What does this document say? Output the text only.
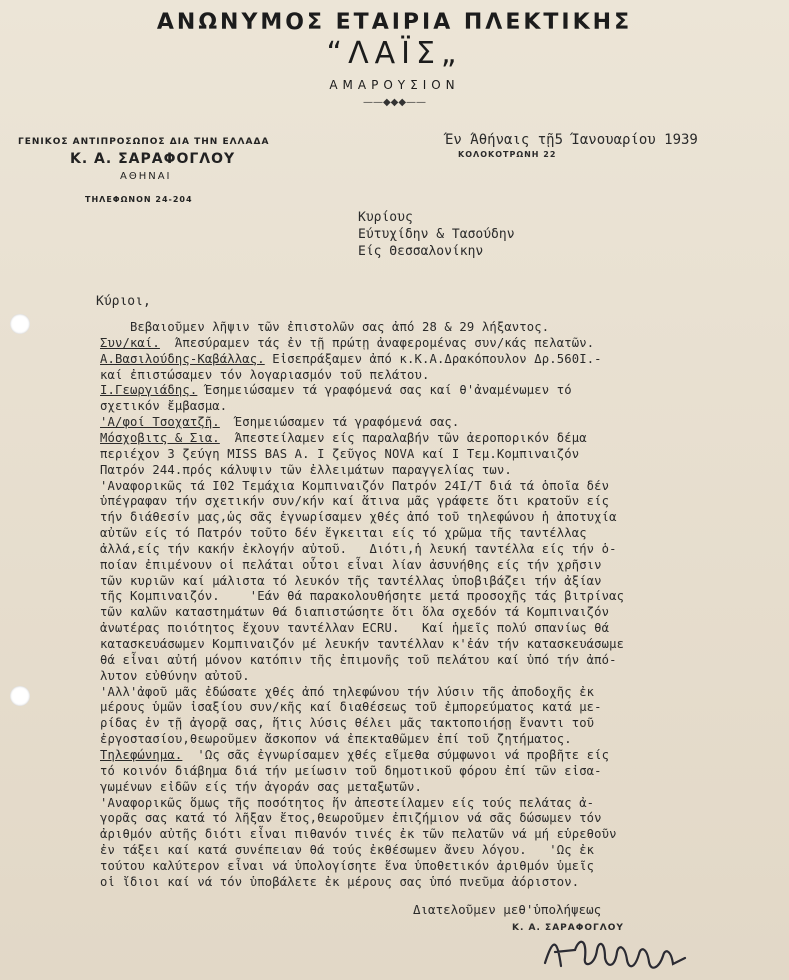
ΑΝΩΝΥΜΟΣ ΕΤΑΙΡΙΑ ΠΛΕΚΤΙΚΗΣ
“ΛΑΪΣ„
ΑΜΑΡΟΥΣΙΟΝ
——◆◆◆——
ΓΕΝΙΚΟΣ ΑΝΤΙΠΡΟΣΩΠΟΣ ΔΙΑ ΤΗΝ ΕΛΛΑΔΑ
Κ. Α. ΣΑΡΑΦΟΓΛΟΥ
ΑΘΗΝΑΙ
ΤΗΛΕΦΩΝΟΝ 24-204
Έν Άθήναις τῇ5 Ίανουαρίου 1939
ΚΟΛΟΚΟΤΡΩΝΗ 22
Κυρίους
Εύτυχίδην & Τασούδην
Είς Θεσσαλονίκην
Κύριοι,
Βεβαιοῦμεν λῆψιν τῶν ἐπιστολῶν σας ἀπό 28 & 29 λήξαντος.
Συν/καί.  Άπεσύραμεν τάς ἐν τῇ πρώτῃ ἀναφερομένας συν/κάς πελατῶν.
Α.Βασιλούδης-Καβάλλας. Εἰσεπράξαμεν ἀπό κ.Κ.Α.Δρακόπουλον Δρ.560Ι.-
καί ἐπιστώσαμεν τόν λογαριασμόν τοῦ πελάτου.
Ι.Γεωργιάδης. Έσημειώσαμεν τά γραφόμενά σας καί θ'ἀναμένωμεν τό
σχετικόν ἔμβασμα.
'Α/φοί Τσοχατζῆ.  Έσημειώσαμεν τά γραφόμενά σας.
Μόσχοβιτς & Σια.  Άπεστείλαμεν είς παραλαβήν τῶν ἀεροπορικόν δέμα
περιέχον 3 ζεύγη MISS BAS A. Ι ζεῦγος NOVA καί Ι Τεμ.Κομπιναιζόν
Πατρόν 244.πρός κάλυψιν τῶν ἐλλειμάτων παραγγελίας των.
'Αναφορικῶς τά Ι02 Τεμάχια Κομπιναιζόν Πατρόν 24Ι/Τ διά τά ὁποῖα δέν
ὑπέγραφαν τήν σχετικήν συν/κήν καί ἅτινα μᾶς γράφετε ὅτι κρατοῦν είς
τήν διάθεσίν μας,ὡς σᾶς ἐγνωρίσαμεν χθές ἀπό τοῦ τηλεφώνου ἡ ἀποτυχία
αὐτῶν είς τό Πατρόν τοῦτο δέν ἔγκειται είς τό χρῶμα τῆς ταντέλλας
ἀλλά,είς τήν κακήν ἐκλογήν αὐτοῦ.   Διότι,ἡ λευκή ταντέλλα είς τήν ὁ-
ποίαν ἐπιμένουν οἱ πελάται οὗτοι εἶναι λίαν ἀσυνήθης είς τήν χρῆσιν
τῶν κυριῶν καί μάλιστα τό λευκόν τῆς ταντέλλας ὑποβιβάζει τήν ἀξίαν
τῆς Κομπιναιζόν.    'Εάν θά παρακολουθήσητε μετά προσοχῆς τάς βιτρίνας
τῶν καλῶν καταστημάτων θά διαπιστώσητε ὅτι ὅλα σχεδόν τά Κομπιναιζόν
ἀνωτέρας ποιότητος ἔχουν ταντέλλαν ECRU.   Καί ἡμεῖς πολύ σπανίως θά
κατασκευάσωμεν Κομπιναιζόν μέ λευκήν ταντέλλαν κ'ἐάν τήν κατασκευάσωμε
θά εἶναι αὐτή μόνον κατόπιν τῆς ἐπιμονῆς τοῦ πελάτου καί ὑπό τήν ἀπό-
λυτον εὐθύνην αὐτοῦ.
'Αλλ'ἀφοῦ μᾶς ἐδώσατε χθές ἀπό τηλεφώνου τήν λύσιν τῆς ἀποδοχῆς ἐκ
μέρους ὑμῶν ἰσαξίου συν/κῆς καί διαθέσεως τοῦ ἐμπορεύματος κατά με-
ρίδας ἐν τῇ ἀγορᾷ σας, ἥτις λύσις θέλει μᾶς τακτοποιήσῃ ἔναντι τοῦ
ἐργοστασίου,θεωροῦμεν ἄσκοπον νά ἐπεκταθῶμεν ἐπί τοῦ ζητήματος.
Τηλεφώνημα.  'Ως σᾶς ἐγνωρίσαμεν χθές εἴμεθα σύμφωνοι νά προβῆτε είς
τό κοινόν διάβημα διά τήν μείωσιν τοῦ δημοτικοῦ φόρου ἐπί τῶν εἰσα-
γωμένων εἰδῶν είς τήν ἀγοράν σας μεταξωτῶν.
'Αναφορικῶς ὅμως τῆς ποσότητος ἥν ἀπεστείλαμεν είς τούς πελάτας ἀ-
γορᾶς σας κατά τό λῆξαν ἔτος,θεωροῦμεν ἐπιζήμιον νά σᾶς δώσωμεν τόν
ἀριθμόν αὐτῆς διότι εἶναι πιθανόν τινές ἐκ τῶν πελατῶν νά μή εὑρεθοῦν
ἐν τάξει καί κατά συνέπειαν θά τούς ἐκθέσωμεν ἄνευ λόγου.   'Ως ἐκ
τούτου καλύτερον εἶναι νά ὑπολογίσητε ἕνα ὑποθετικόν ἀριθμόν ὑμεῖς
οἱ ἴδιοι καί νά τόν ὑποβάλετε ἐκ μέρους σας ὑπό πνεῦμα ἀόριστον.
Διατελοῦμεν μεθ'ὑπολήψεως
Κ. Α. ΣΑΡΑΦΟΓΛΟΥ
